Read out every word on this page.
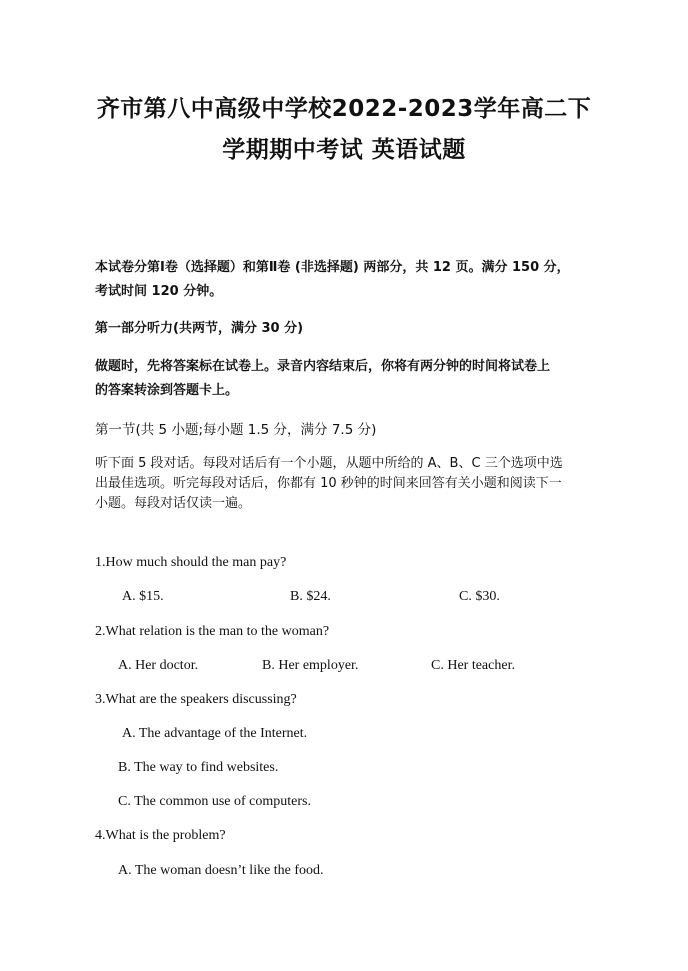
齐市第八中高级中学校2022-2023学年高二下
学期期中考试 英语试题
本试卷分第Ⅰ卷（选择题）和第Ⅱ卷 (非选择题) 两部分，共 12 页。满分 150 分，
考试时间 120 分钟。
第一部分听力(共两节，满分 30 分)
做题时，先将答案标在试卷上。录音内容结束后，你将有两分钟的时间将试卷上
的答案转涂到答题卡上。
第一节(共 5 小题;每小题 1.5 分，满分 7.5 分)
听下面 5 段对话。每段对话后有一个小题，从题中所给的 A、B、C 三个选项中选
出最佳选项。听完每段对话后，你都有 10 秒钟的时间来回答有关小题和阅读下一
小题。每段对话仅读一遍。
1.How much should the man pay?
A. $15.	B. $24.	C. $30.
2.What relation is the man to the woman?
A. Her doctor.	B. Her employer.	C. Her teacher.
3.What are the speakers discussing?
A. The advantage of the Internet.
B. The way to find websites.
C. The common use of computers.
4.What is the problem?
A. The woman doesn’t like the food.
